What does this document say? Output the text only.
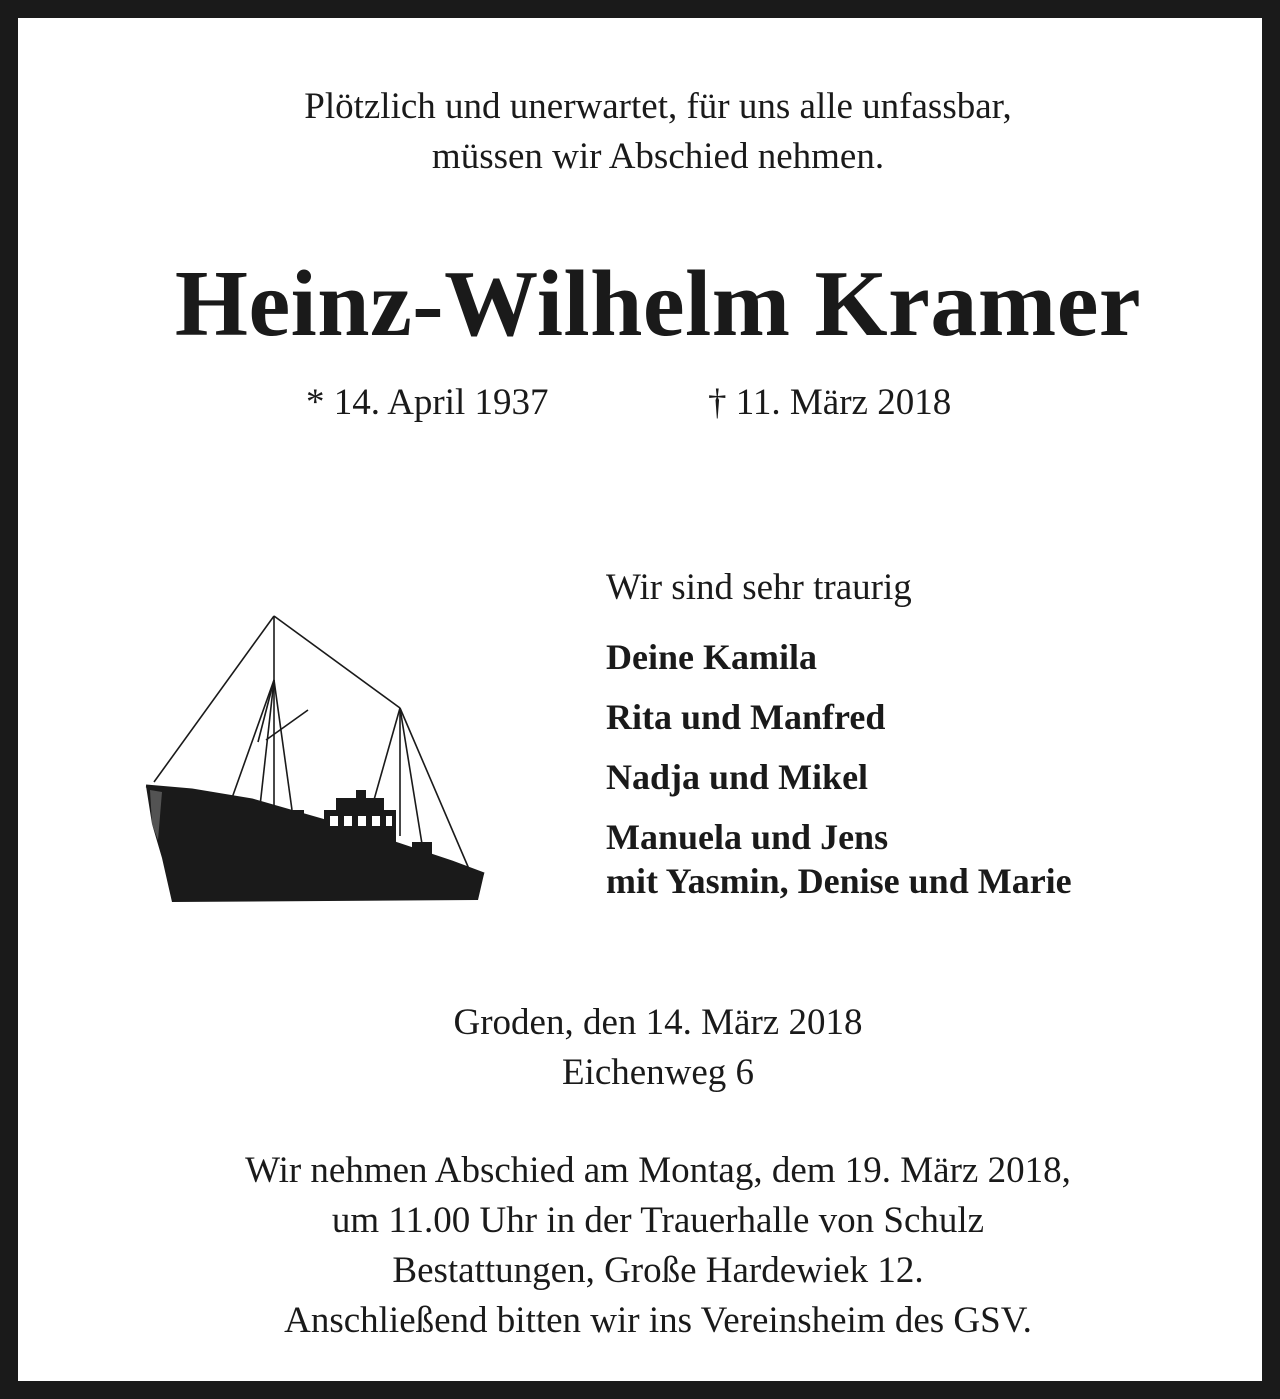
Plötzlich und unerwartet, für uns alle unfassbar,
müssen wir Abschied nehmen.
Heinz-Wilhelm Kramer
* 14. April 1937	† 11. März 2018
Wir sind sehr traurig
Deine Kamila
Rita und Manfred
Nadja und Mikel
Manuela und Jens
mit Yasmin, Denise und Marie
Groden, den 14. März 2018
Eichenweg 6
Wir nehmen Abschied am Montag, dem 19. März 2018,
um 11.00 Uhr in der Trauerhalle von Schulz
Bestattungen, Große Hardewiek 12.
Anschließend bitten wir ins Vereinsheim des GSV.
